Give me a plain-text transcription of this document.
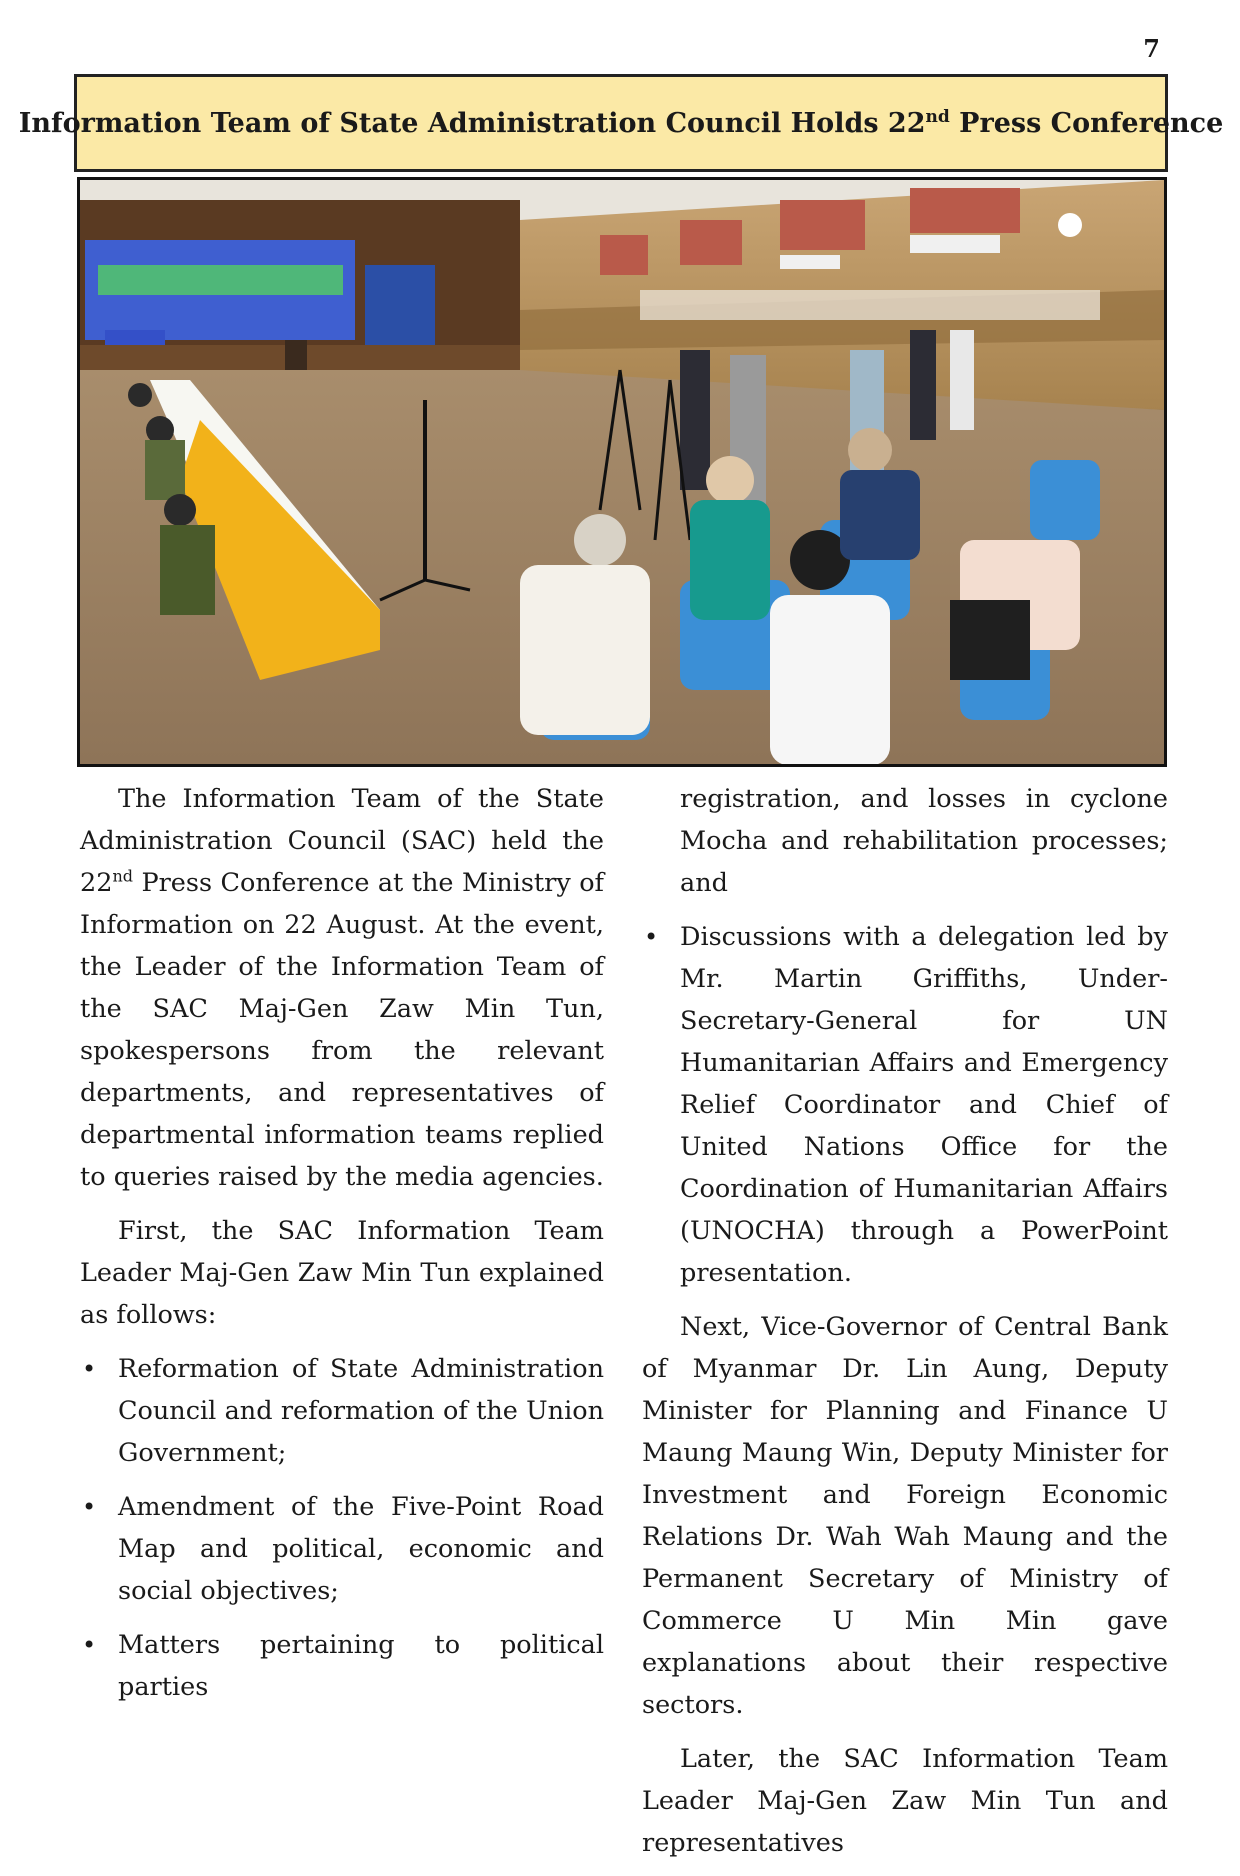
7
Information Team of State Administration Council Holds 22nd Press Conference

The Information Team of the State Administration Council (SAC) held the 22nd Press Conference at the Ministry of Information on 22 August. At the event, the Leader of the Information Team of the SAC Maj-Gen Zaw Min Tun, spokespersons from the relevant departments, and representatives of departmental information teams replied to queries raised by the media agencies.

First, the SAC Information Team Leader Maj-Gen Zaw Min Tun explained as follows:

• Reformation of State Administration Council and reformation of the Union Government;
• Amendment of the Five-Point Road Map and political, economic and social objectives;
• Matters pertaining to political parties
registration, and losses in cyclone Mocha and rehabilitation processes; and
• Discussions with a delegation led by Mr. Martin Griffiths, Under-Secretary-General for UN Humanitarian Affairs and Emergency Relief Coordinator and Chief of United Nations Office for the Coordination of Humanitarian Affairs (UNOCHA) through a PowerPoint presentation.

Next, Vice-Governor of Central Bank of Myanmar Dr. Lin Aung, Deputy Minister for Planning and Finance U Maung Maung Win, Deputy Minister for Investment and Foreign Economic Relations Dr. Wah Wah Maung and the Permanent Secretary of Ministry of Commerce U Min Min gave explanations about their respective sectors.

Later, the SAC Information Team Leader Maj-Gen Zaw Min Tun and representatives
